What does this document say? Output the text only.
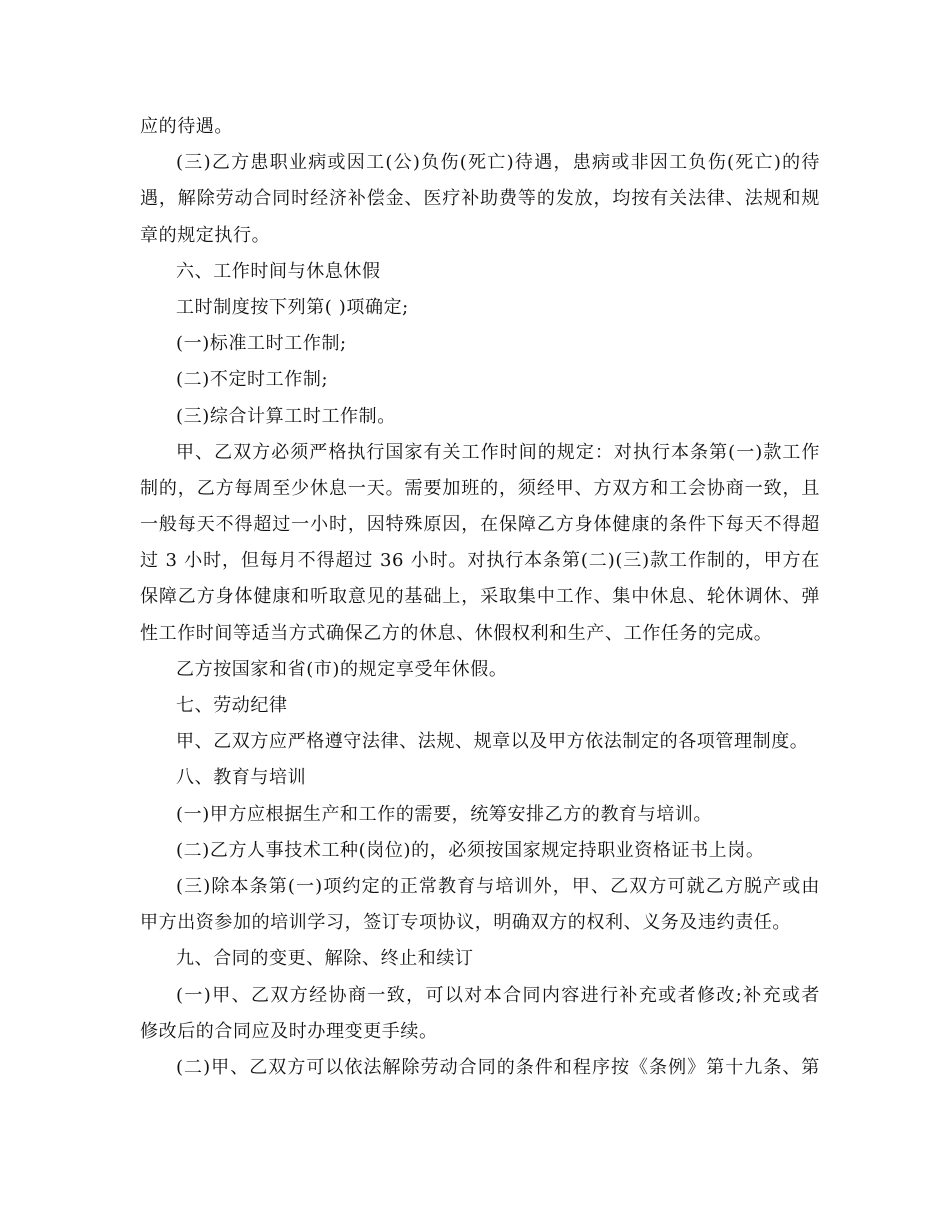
应的待遇。
(三)乙方患职业病或因工(公)负伤(死亡)待遇，患病或非因工负伤(死亡)的待
遇，解除劳动合同时经济补偿金、医疗补助费等的发放，均按有关法律、法规和规
章的规定执行。
六、工作时间与休息休假
工时制度按下列第( )项确定;
(一)标准工时工作制;
(二)不定时工作制;
(三)综合计算工时工作制。
甲、乙双方必须严格执行国家有关工作时间的规定：对执行本条第(一)款工作
制的，乙方每周至少休息一天。需要加班的，须经甲、方双方和工会协商一致，且
一般每天不得超过一小时，因特殊原因，在保障乙方身体健康的条件下每天不得超
过 3 小时，但每月不得超过 36 小时。对执行本条第(二)(三)款工作制的，甲方在
保障乙方身体健康和听取意见的基础上，采取集中工作、集中休息、轮休调休、弹
性工作时间等适当方式确保乙方的休息、休假权利和生产、工作任务的完成。
乙方按国家和省(市)的规定享受年休假。
七、劳动纪律
甲、乙双方应严格遵守法律、法规、规章以及甲方依法制定的各项管理制度。
八、教育与培训
(一)甲方应根据生产和工作的需要，统筹安排乙方的教育与培训。
(二)乙方人事技术工种(岗位)的，必须按国家规定持职业资格证书上岗。
(三)除本条第(一)项约定的正常教育与培训外，甲、乙双方可就乙方脱产或由
甲方出资参加的培训学习，签订专项协议，明确双方的权利、义务及违约责任。
九、合同的变更、解除、终止和续订
(一)甲、乙双方经协商一致，可以对本合同内容进行补充或者修改;补充或者
修改后的合同应及时办理变更手续。
(二)甲、乙双方可以依法解除劳动合同的条件和程序按《条例》第十九条、第
